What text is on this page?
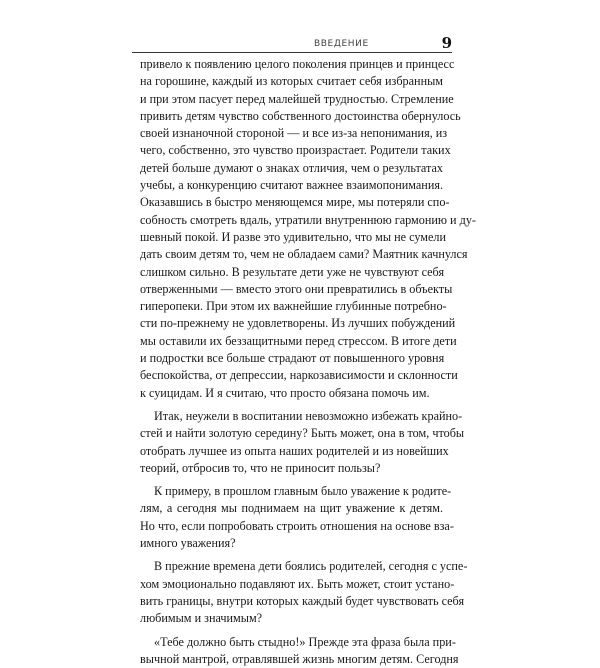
ВВЕДЕНИЕ	9
привело к появлению целого поколения принцев и принцесс
на горошине, каждый из которых считает себя избранным
и при этом пасует перед малейшей трудностью. Стремление
привить детям чувство собственного достоинства обернулось
своей изнаночной стороной — и все из-за непонимания, из
чего, собственно, это чувство произрастает. Родители таких
детей больше думают о знаках отличия, чем о результатах
учебы, а конкуренцию считают важнее взаимопонимания.
Оказавшись в быстро меняющемся мире, мы потеряли спо-
собность смотреть вдаль, утратили внутреннюю гармонию и ду-
шевный покой. И разве это удивительно, что мы не сумели
дать своим детям то, чем не обладаем сами? Маятник качнулся
слишком сильно. В результате дети уже не чувствуют себя
отверженными — вместо этого они превратились в объекты
гиперопеки. При этом их важнейшие глубинные потребно-
сти по-прежнему не удовлетворены. Из лучших побуждений
мы оставили их беззащитными перед стрессом. В итоге дети
и подростки все больше страдают от повышенного уровня
беспокойства, от депрессии, наркозависимости и склонности
к суицидам. И я считаю, что просто обязана помочь им.
Итак, неужели в воспитании невозможно избежать крайно-
стей и найти золотую середину? Быть может, она в том, чтобы
отобрать лучшее из опыта наших родителей и из новейших
теорий, отбросив то, что не приносит пользы?
К примеру, в прошлом главным было уважение к родите-
лям, а сегодня мы поднимаем на щит уважение к детям.
Но что, если попробовать строить отношения на основе вза-
имного уважения?
В прежние времена дети боялись родителей, сегодня с успе-
хом эмоционально подавляют их. Быть может, стоит устано-
вить границы, внутри которых каждый будет чувствовать себя
любимым и значимым?
«Тебе должно быть стыдно!» Прежде эта фраза была при-
вычной мантрой, отравлявшей жизнь многим детям. Сегодня
